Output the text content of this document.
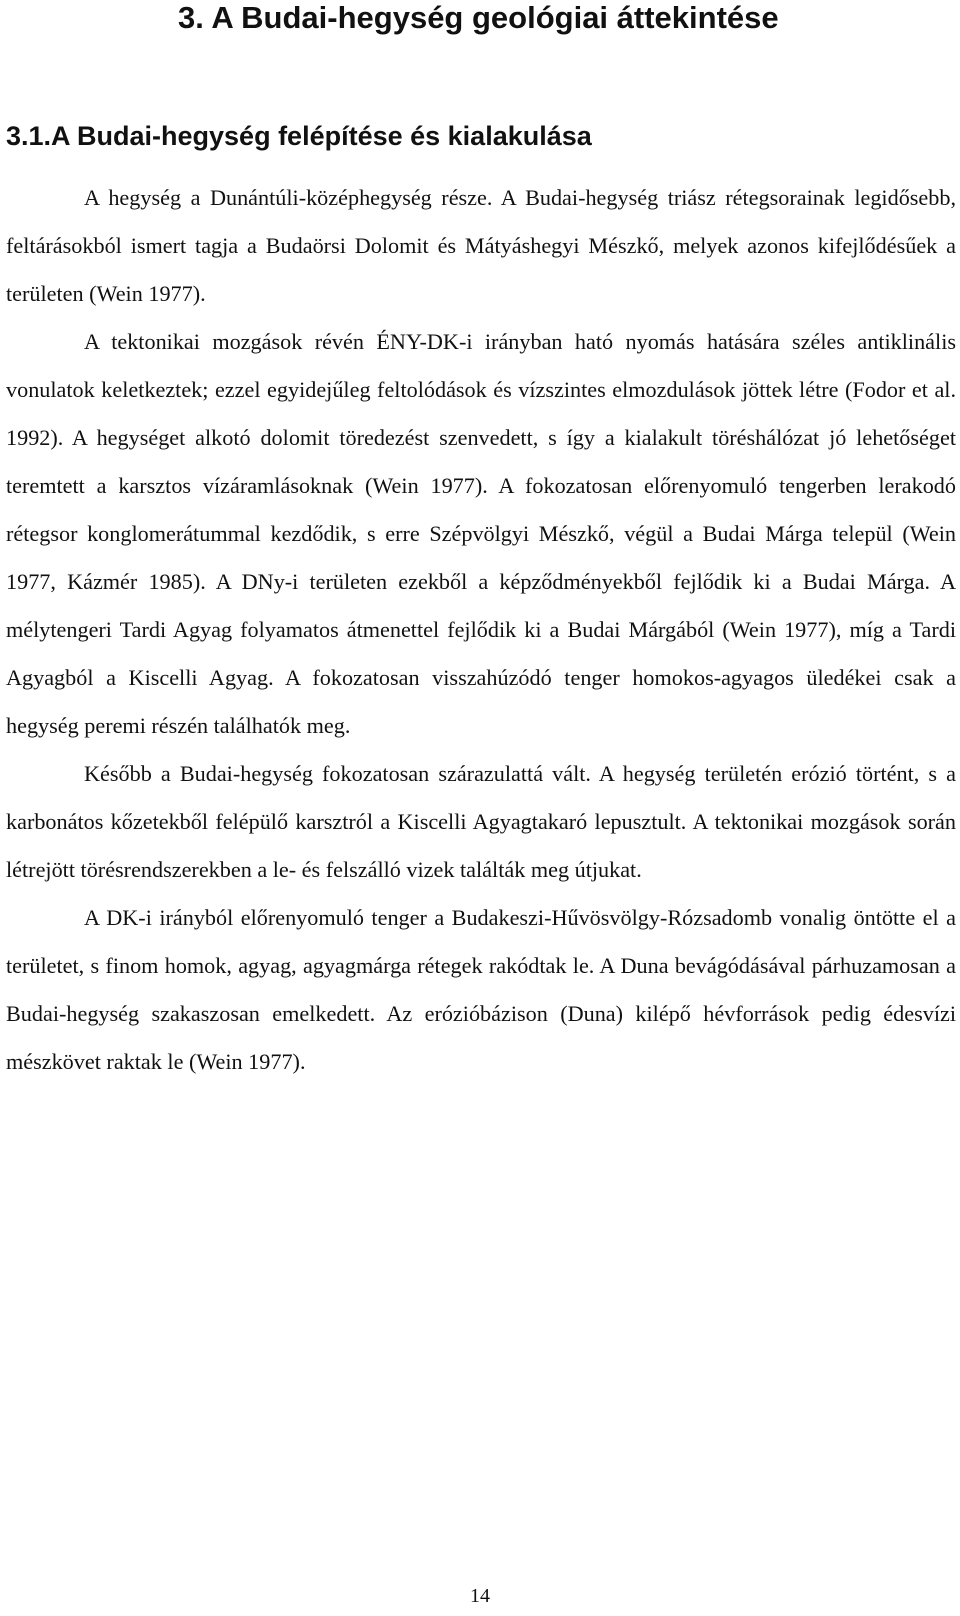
3. A Budai-hegység geológiai áttekintése
3.1.A Budai-hegység felépítése és kialakulása

A hegység a Dunántúli-középhegység része. A Budai-hegység triász rétegsorainak legidősebb, feltárásokból ismert tagja a Budaörsi Dolomit és Mátyáshegyi Mészkő, melyek azonos kifejlődésűek a területen (Wein 1977).

A tektonikai mozgások révén ÉNY-DK-i irányban ható nyomás hatására széles antiklinális vonulatok keletkeztek; ezzel egyidejűleg feltolódások és vízszintes elmozdulások jöttek létre (Fodor et al. 1992). A hegységet alkotó dolomit töredezést szenvedett, s így a kialakult töréshálózat jó lehetőséget teremtett a karsztos vízáramlásoknak (Wein 1977). A fokozatosan előrenyomuló tengerben lerakodó rétegsor konglomerátummal kezdődik, s erre Szépvölgyi Mészkő, végül a Budai Márga települ (Wein 1977, Kázmér 1985). A DNy-i területen ezekből a képződményekből fejlődik ki a Budai Márga. A mélytengeri Tardi Agyag folyamatos átmenettel fejlődik ki a Budai Márgából (Wein 1977), míg a Tardi Agyagból a Kiscelli Agyag. A fokozatosan visszahúzódó tenger homokos-agyagos üledékei csak a hegység peremi részén találhatók meg.

Később a Budai-hegység fokozatosan szárazulattá vált. A hegység területén erózió történt, s a karbonátos kőzetekből felépülő karsztról a Kiscelli Agyagtakaró lepusztult. A tektonikai mozgások során létrejött törésrendszerekben a le- és felszálló vizek találták meg útjukat.

A DK-i irányból előrenyomuló tenger a Budakeszi-Hűvösvölgy-Rózsadomb vonalig öntötte el a területet, s finom homok, agyag, agyagmárga rétegek rakódtak le. A Duna bevágódásával párhuzamosan a Budai-hegység szakaszosan emelkedett. Az erózióbázison (Duna) kilépő hévforrások pedig édesvízi mészkövet raktak le (Wein 1977).

14
